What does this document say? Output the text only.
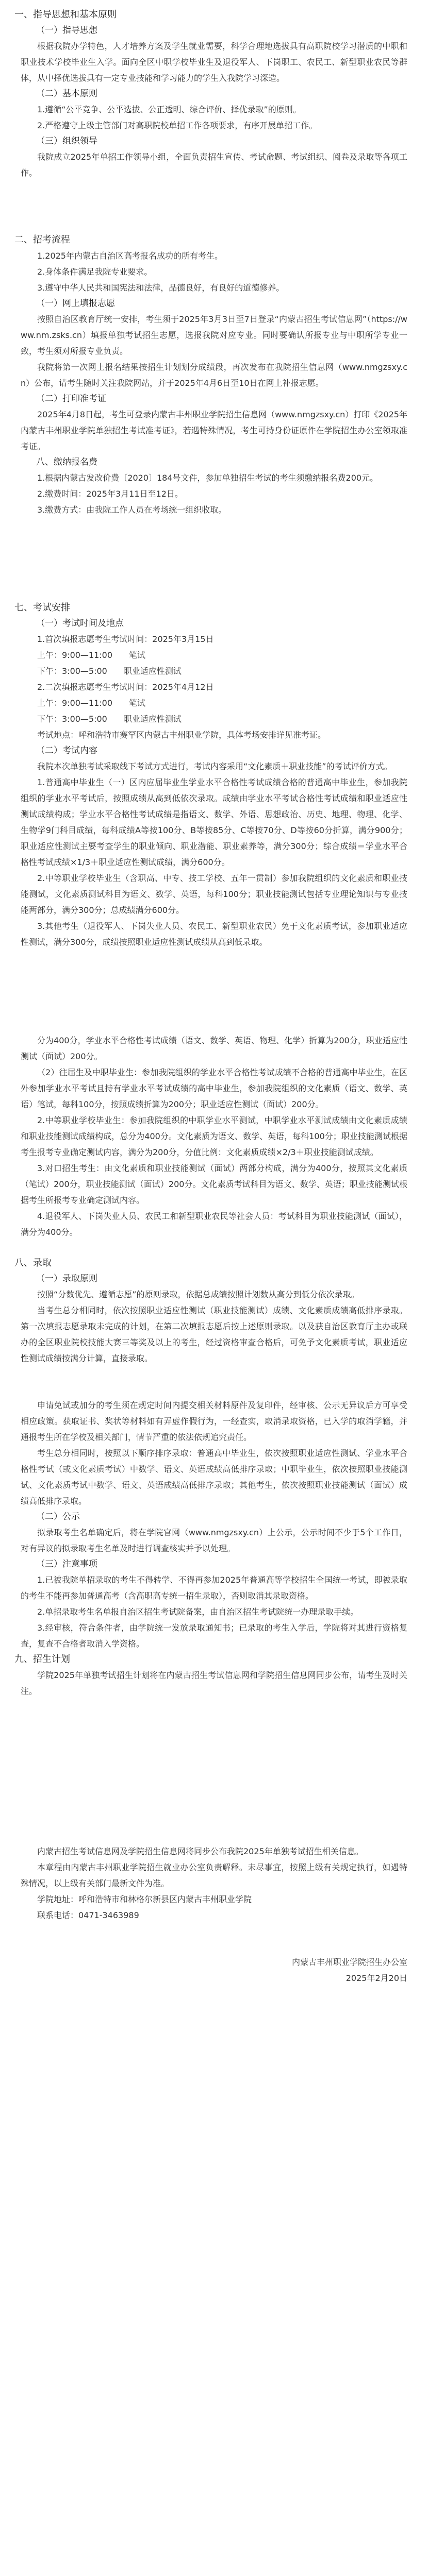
一、指导思想和基本原则
（一）指导思想
根据我院办学特色，人才培养方案及学生就业需要，科学合理地选拔具有高职院校学习潜质的中职和职业技术学校毕业生入学。面向全区中职学校毕业生及退役军人、下岗职工、农民工、新型职业农民等群体，从中择优选拔具有一定专业技能和学习能力的学生入我院学习深造。
（二）基本原则
1.遵循“公平竞争、公平选拔、公正透明、综合评价、择优录取”的原则。
2.严格遵守上级主管部门对高职院校单招工作各项要求，有序开展单招工作。
（三）组织领导
我院成立2025年单招工作领导小组，全面负责招生宣传、考试命题、考试组织、阅卷及录取等各项工作。
二、招考流程
1.2025年内蒙古自治区高考报名成功的所有考生。
2.身体条件满足我院专业要求。
3.遵守中华人民共和国宪法和法律，品德良好，有良好的道德修养。
（一）网上填报志愿
按照自治区教育厅统一安排，考生须于2025年3月3日至7日登录“内蒙古招生考试信息网”（https://www.nm.zsks.cn）填报单独考试招生志愿，选报我院对应专业。同时要确认所报专业与中职所学专业一致，考生须对所报专业负责。
我院将第一次网上报名结果按招生计划划分成绩段，再次发布在我院招生信息网（www.nmgzsxy.cn）公布，请考生随时关注我院网站，并于2025年4月6日至10日在网上补报志愿。
（二）打印准考证
2025年4月8日起，考生可登录内蒙古丰州职业学院招生信息网（www.nmgzsxy.cn）打印《2025年内蒙古丰州职业学院单独招生考试准考证》，若遇特殊情况，考生可持身份证原件在学院招生办公室领取准考证。
八、缴纳报名费
1.根据内蒙古发改价费〔2020〕184号文件，参加单独招生考试的考生须缴纳报名费200元。
2.缴费时间：2025年3月11日至12日。
3.缴费方式：由我院工作人员在考场统一组织收取。
七、考试安排
（一）考试时间及地点
1.首次填报志愿考生考试时间：2025年3月15日
上午：9:00—11:00　　笔试
下午：3:00—5:00　　职业适应性测试
2.二次填报志愿考生考试时间：2025年4月12日
上午：9:00—11:00　　笔试
下午：3:00—5:00　　职业适应性测试
考试地点：呼和浩特市赛罕区内蒙古丰州职业学院，具体考场安排详见准考证。
（二）考试内容
我院本次单独考试采取线下考试方式进行，考试内容采用“文化素质＋职业技能”的考试评价方式。
1.普通高中毕业生（一）区内应届毕业生学业水平合格性考试成绩合格的普通高中毕业生，参加我院组织的学业水平考试后，按照成绩从高到低依次录取。成绩由学业水平考试合格性考试成绩和职业适应性测试成绩构成；学业水平合格性考试成绩是指语文、数学、外语、思想政治、历史、地理、物理、化学、生物学9门科目成绩，每科成绩A等按100分、B等按85分、C等按70分、D等按60分折算，满分900分；职业适应性测试主要考查学生的职业倾向、职业潜能、职业素养等，满分300分；综合成绩＝学业水平合格性考试成绩×1/3＋职业适应性测试成绩，满分600分。
2.中等职业学校毕业生（含职高、中专、技工学校、五年一贯制）参加我院组织的文化素质和职业技能测试，文化素质测试科目为语文、数学、英语，每科100分；职业技能测试包括专业理论知识与专业技能两部分，满分300分；总成绩满分600分。
3.其他考生（退役军人、下岗失业人员、农民工、新型职业农民）免于文化素质考试，参加职业适应性测试，满分300分，成绩按照职业适应性测试成绩从高到低录取。
分为400分，学业水平合格性考试成绩（语文、数学、英语、物理、化学）折算为200分，职业适应性测试（面试）200分。
（2）往届生及中职毕业生：参加我院组织的学业水平合格性考试成绩不合格的普通高中毕业生，在区外参加学业水平考试且持有学业水平考试成绩的高中毕业生，参加我院组织的文化素质（语文、数学、英语）笔试，每科100分，按照成绩折算为200分；职业适应性测试（面试）200分。
2.中等职业学校毕业生：参加我院组织的中职学业水平测试，中职学业水平测试成绩由文化素质成绩和职业技能测试成绩构成，总分为400分。文化素质为语文、数学、英语，每科100分；职业技能测试根据考生报考专业确定测试内容，满分为200分，分值比例：文化素质成绩×2/3＋职业技能测试成绩。
3.对口招生考生：由文化素质和职业技能测试（面试）两部分构成，满分为400分，按照其文化素质（笔试）200分，职业技能测试（面试）200分。文化素质考试科目为语文、数学、英语；职业技能测试根据考生所报考专业确定测试内容。
4.退役军人、下岗失业人员、农民工和新型职业农民等社会人员：考试科目为职业技能测试（面试），满分为400分。
八、录取
（一）录取原则
按照“分数优先、遵循志愿”的原则录取，依据总成绩按照计划数从高分到低分依次录取。
当考生总分相同时，依次按照职业适应性测试（职业技能测试）成绩、文化素质成绩高低排序录取。第一次填报志愿录取未完成的计划，在第二次填报志愿后按上述原则录取。以及获自治区教育厅主办或联办的全区职业院校技能大赛三等奖及以上的考生，经过资格审查合格后，可免予文化素质考试，职业适应性测试成绩按满分计算，直接录取。
申请免试或加分的考生须在规定时间内提交相关材料原件及复印件，经审核、公示无异议后方可享受相应政策。获取证书、奖状等材料如有弄虚作假行为，一经查实，取消录取资格，已入学的取消学籍，并通报考生所在学校及相关部门，情节严重的依法依规追究责任。
考生总分相同时，按照以下顺序排序录取：普通高中毕业生，依次按照职业适应性测试、学业水平合格性考试（或文化素质考试）中数学、语文、英语成绩高低排序录取；中职毕业生，依次按照职业技能测试、文化素质考试中数学、语文、英语成绩高低排序录取；其他考生，依次按照职业技能测试（面试）成绩高低排序录取。
（二）公示
拟录取考生名单确定后，将在学院官网（www.nmgzsxy.cn）上公示，公示时间不少于5个工作日，对有异议的拟录取考生名单及时进行调查核实并予以处理。
（三）注意事项
1.已被我院单招录取的考生不得转学、不得再参加2025年普通高等学校招生全国统一考试，即被录取的考生不能再参加普通高考（含高职高专统一招生录取），否则取消其录取资格。
2.单招录取考生名单报自治区招生考试院备案，由自治区招生考试院统一办理录取手续。
3.经审核，符合条件者，由学院统一发放录取通知书；已录取的考生入学后，学院将对其进行资格复查，复查不合格者取消入学资格。
九、招生计划
学院2025年单独考试招生计划将在内蒙古招生考试信息网和学院招生信息网同步公布，请考生及时关注。
内蒙古招生考试信息网及学院招生信息网将同步公布我院2025年单独考试招生相关信息。
本章程由内蒙古丰州职业学院招生就业办公室负责解释。未尽事宜，按照上级有关规定执行，如遇特殊情况，以上级有关部门最新文件为准。
学院地址：呼和浩特市和林格尔新县区内蒙古丰州职业学院
联系电话：0471-3463989
内蒙古丰州职业学院招生办公室
2025年2月20日
